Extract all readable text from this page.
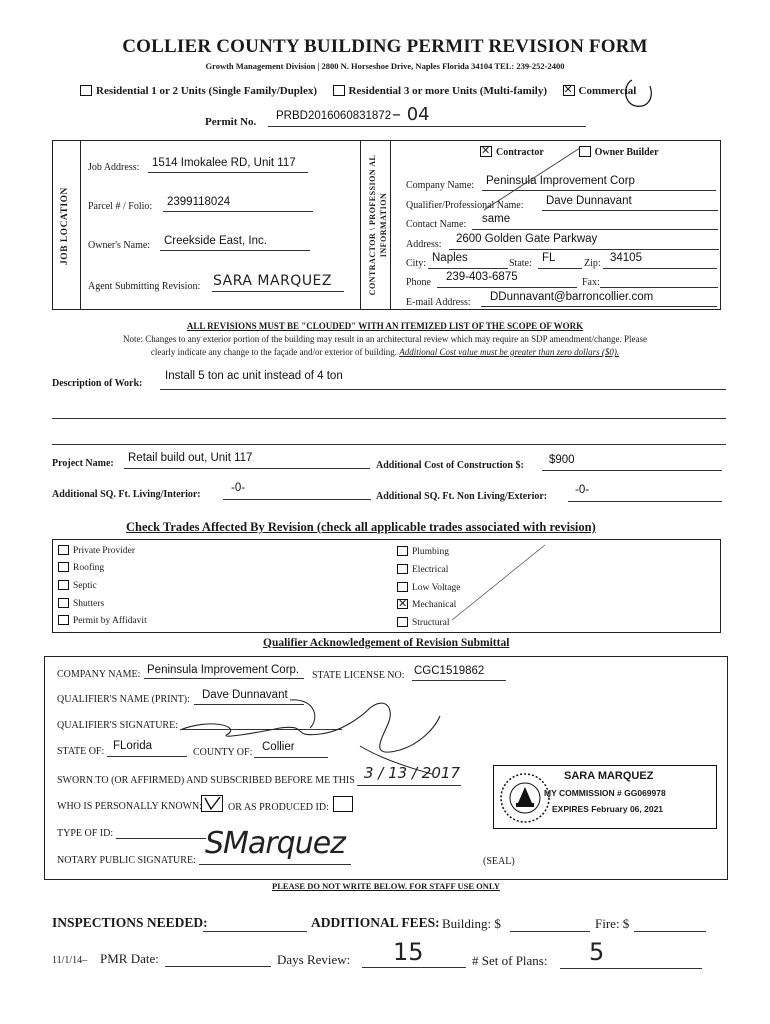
COLLIER COUNTY BUILDING PERMIT REVISION FORM
Growth Management Division | 2800 N. Horseshoe Drive, Naples Florida 34104 TEL: 239-252-2400
Residential 1 or 2 Units (Single Family/Duplex)	Residential 3 or more Units (Multi-family) ✕	Commercial
Permit No. PRBD2016060831872 – 04
JOB LOCATION	CONTRACTOR \ PROFESSION AL INFORMATION
Job Address: 1514 Imokalee RD, Unit 117
Parcel # / Folio: 2399118024
Owner's Name: Creekside East, Inc.
Agent Submitting Revision: SARA MARQUEZ
✕Contractor	Owner Builder
Company Name: Peninsula Improvement Corp
Qualifier/Professional Name: Dave Dunnavant
Contact Name: same
Address: 2600 Golden Gate Parkway
City: Naples	State: FL	Zip: 34105
Phone 239-403-6875	Fax:
E-mail Address: DDunnavant@barroncollier.com
ALL REVISIONS MUST BE "CLOUDED" WITH AN ITEMIZED LIST OF THE SCOPE OF WORK
Note: Changes to any exterior portion of the building may result in an architectural review which may require an SDP amendment/change. Please
clearly indicate any change to the façade and/or exterior of building. Additional Cost value must be greater than zero dollars ($0).
Description of Work:
Install 5 ton ac unit instead of 4 ton
Project Name: Retail build out, Unit 117
Additional Cost of Construction $: $900
Additional SQ. Ft. Living/Interior:
-0-
Additional SQ. Ft. Non Living/Exterior:
-0-
Check Trades Affected By Revision (check all applicable trades associated with revision)
Private Provider
Roofing
Septic
Shutters
Permit by Affidavit
Plumbing
Electrical
Low Voltage
✕Mechanical
Structural
Qualifier Acknowledgement of Revision Submittal
COMPANY NAME: Peninsula Improvement Corp. STATE LICENSE NO: CGC1519862
QUALIFIER'S NAME (PRINT): Dave Dunnavant
QUALIFIER'S SIGNATURE:
STATE OF: FLorida
COUNTY OF: Collier
SWORN TO (OR AFFIRMED) AND SUBSCRIBED BEFORE ME THIS 3 / 13 / 2017
WHO IS PERSONALLY KNOWN:	OR AS PRODUCED ID:
TYPE OF ID:
NOTARY PUBLIC SIGNATURE: SMarquez
(SEAL)
SARA MARQUEZ
MY COMMISSION # GG069978
EXPIRES February 06, 2021
PLEASE DO NOT WRITE BELOW. FOR STAFF USE ONLY
INSPECTIONS NEEDED:	ADDITIONAL FEES: Building: $	Fire: $
11/1/14– PMR Date:	Days Review: 15	# Set of Plans: 5
